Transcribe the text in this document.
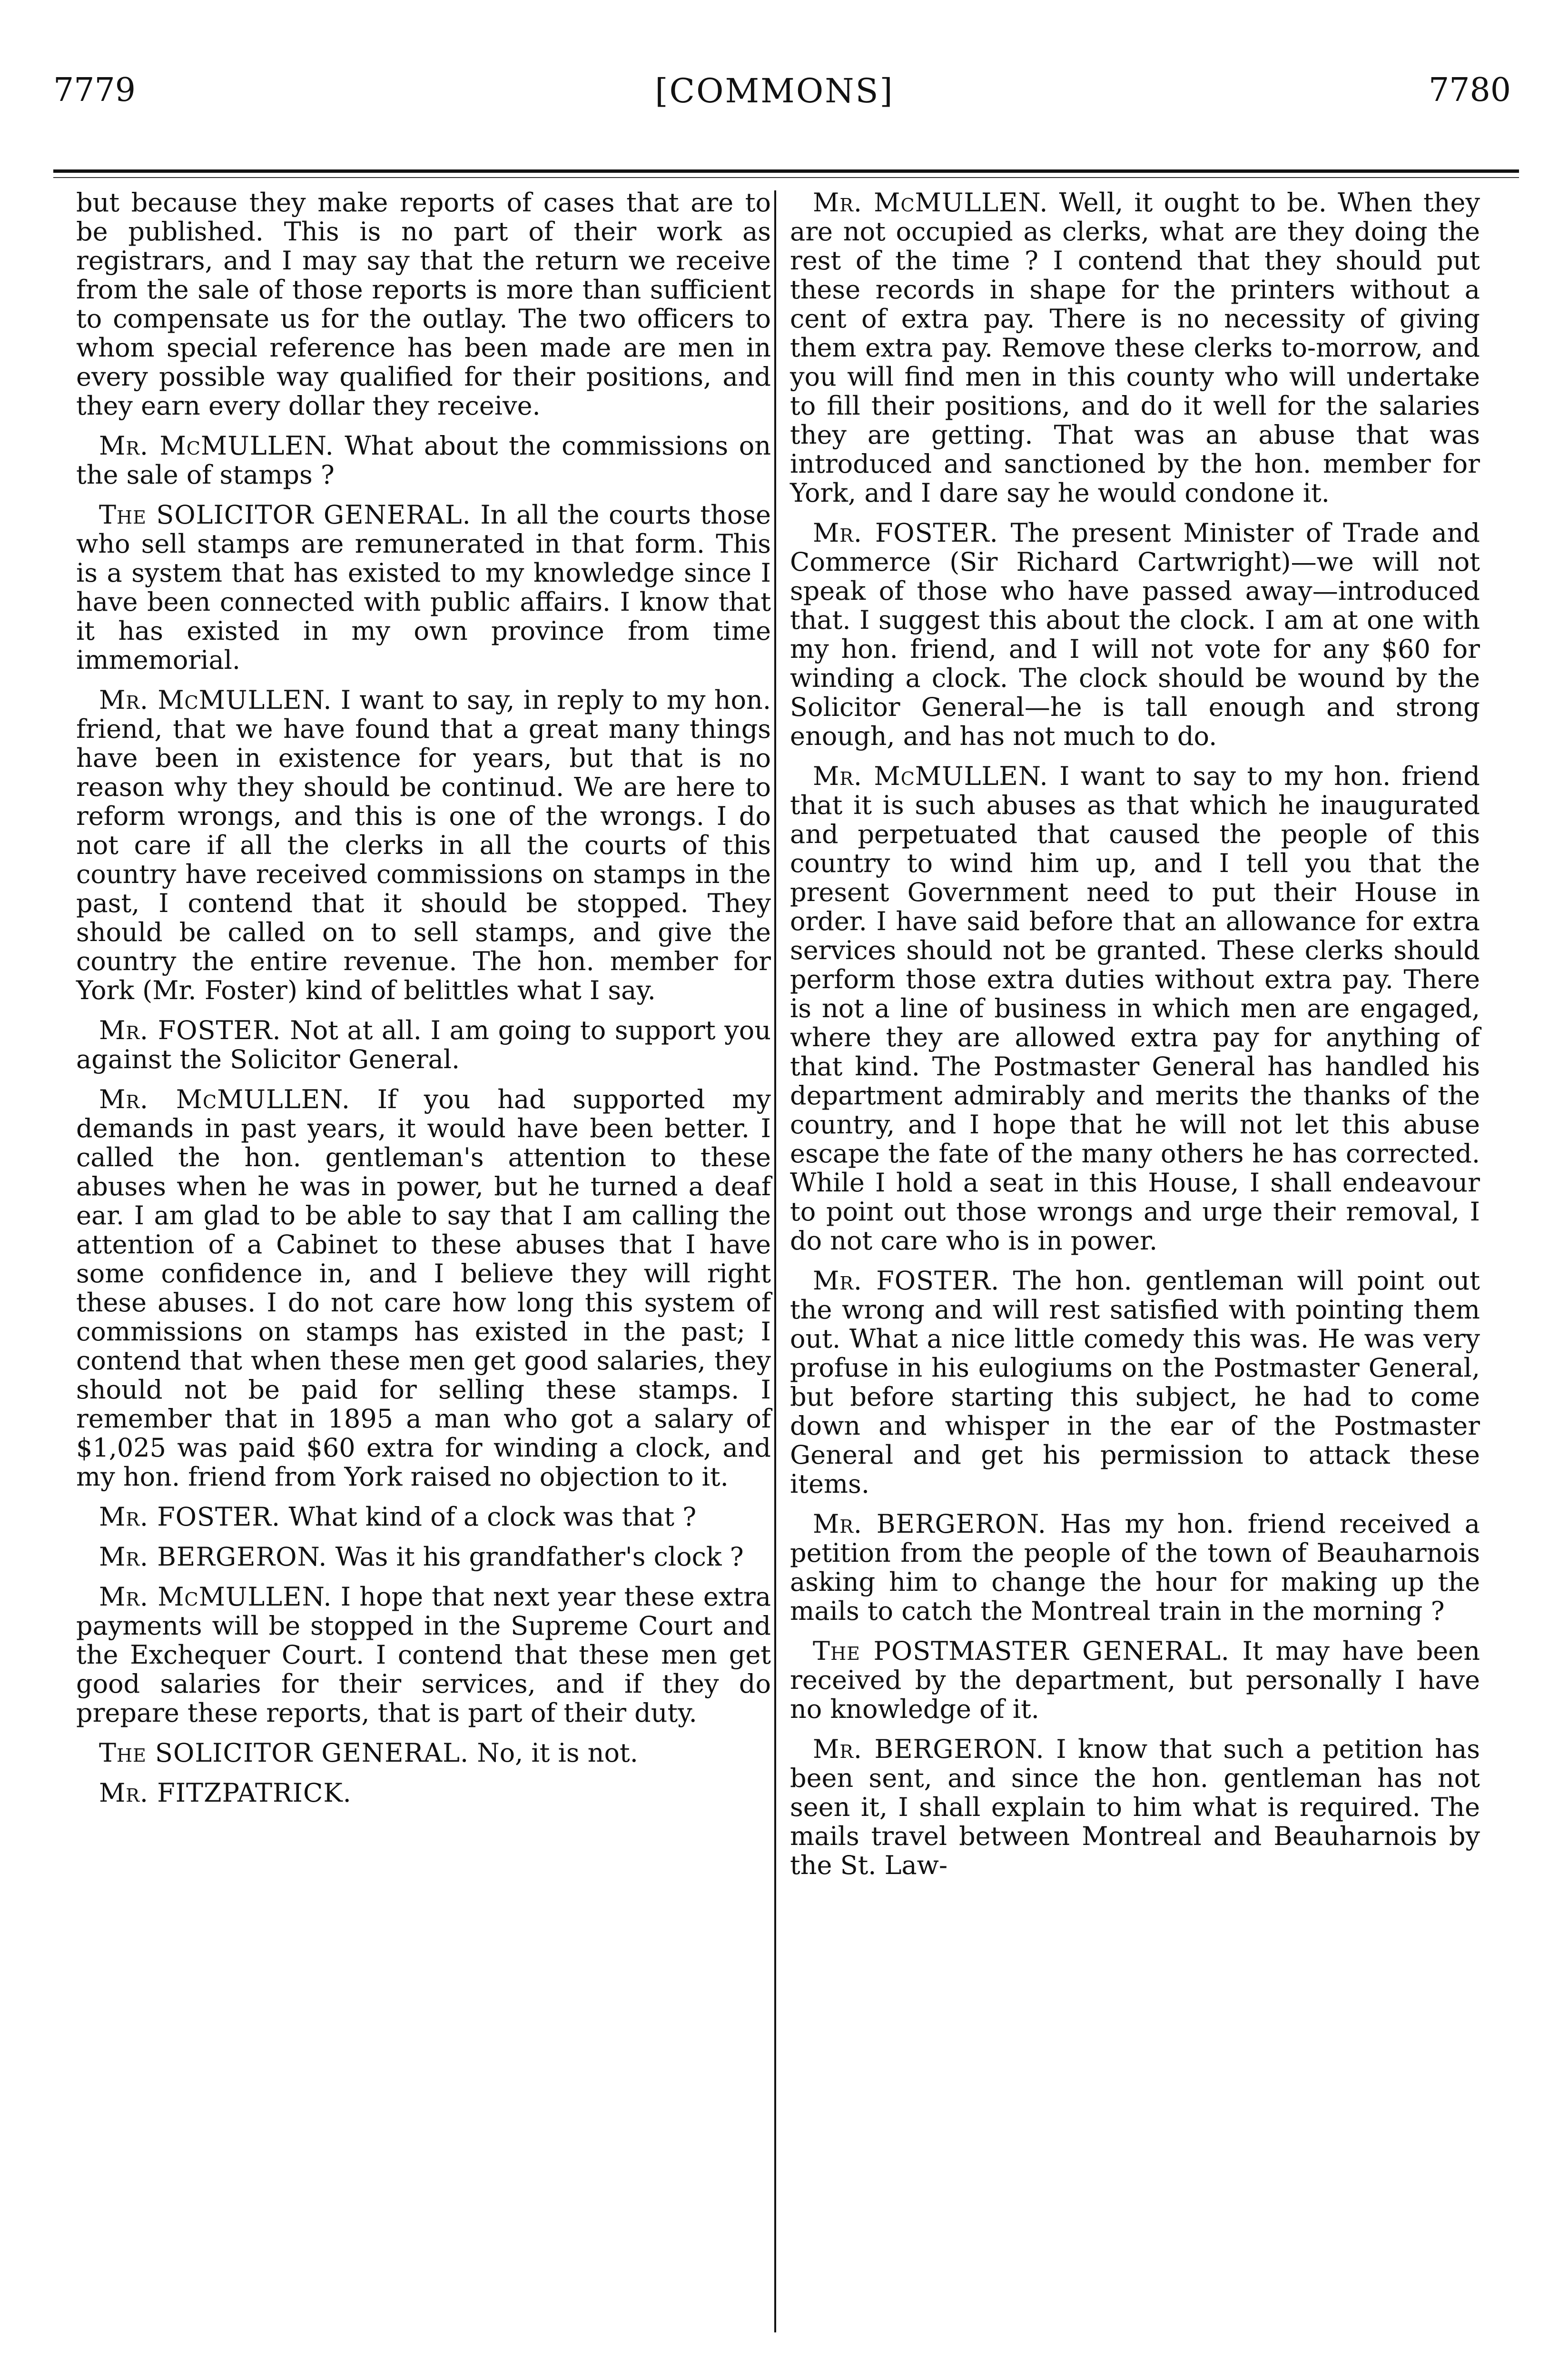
7779	[COMMONS]	7780

but because they make reports of cases that are to be published. This is no part of their work as registrars, and I may say that the return we receive from the sale of those reports is more than sufficient to compensate us for the outlay. The two officers to whom special reference has been made are men in every possible way qualified for their positions, and they earn every dollar they receive.

Mr. McMULLEN. What about the commissions on the sale of stamps ?

The SOLICITOR GENERAL. In all the courts those who sell stamps are remunerated in that form. This is a system that has existed to my knowledge since I have been connected with public affairs. I know that it has existed in my own province from time immemorial.

Mr. McMULLEN. I want to say, in reply to my hon. friend, that we have found that a great many things have been in existence for years, but that is no reason why they should be continud. We are here to reform wrongs, and this is one of the wrongs. I do not care if all the clerks in all the courts of this country have received commissions on stamps in the past, I contend that it should be stopped. They should be called on to sell stamps, and give the country the entire revenue. The hon. member for York (Mr. Foster) kind of belittles what I say.

Mr. FOSTER. Not at all. I am going to support you against the Solicitor General.

Mr. McMULLEN. If you had supported my demands in past years, it would have been better. I called the hon. gentleman's attention to these abuses when he was in power, but he turned a deaf ear. I am glad to be able to say that I am calling the attention of a Cabinet to these abuses that I have some confidence in, and I believe they will right these abuses. I do not care how long this system of commissions on stamps has existed in the past; I contend that when these men get good salaries, they should not be paid for selling these stamps. I remember that in 1895 a man who got a salary of $1,025 was paid $60 extra for winding a clock, and my hon. friend from York raised no objection to it.

Mr. FOSTER. What kind of a clock was that ?

Mr. BERGERON. Was it his grandfather's clock ?

Mr. McMULLEN. I hope that next year these extra payments will be stopped in the Supreme Court and the Exchequer Court. I contend that these men get good salaries for their services, and if they do prepare these reports, that is part of their duty.

The SOLICITOR GENERAL. No, it is not.

Mr. FITZPATRICK.

Mr. McMULLEN. Well, it ought to be. When they are not occupied as clerks, what are they doing the rest of the time ? I contend that they should put these records in shape for the printers without a cent of extra pay. There is no necessity of giving them extra pay. Remove these clerks to-morrow, and you will find men in this county who will undertake to fill their positions, and do it well for the salaries they are getting. That was an abuse that was introduced and sanctioned by the hon. member for York, and I dare say he would condone it.

Mr. FOSTER. The present Minister of Trade and Commerce (Sir Richard Cartwright)—we will not speak of those who have passed away—introduced that. I suggest this about the clock. I am at one with my hon. friend, and I will not vote for any $60 for winding a clock. The clock should be wound by the Solicitor General—he is tall enough and strong enough, and has not much to do.

Mr. McMULLEN. I want to say to my hon. friend that it is such abuses as that which he inaugurated and perpetuated that caused the people of this country to wind him up, and I tell you that the present Government need to put their House in order. I have said before that an allowance for extra services should not be granted. These clerks should perform those extra duties without extra pay. There is not a line of business in which men are engaged, where they are allowed extra pay for anything of that kind. The Postmaster General has handled his department admirably and merits the thanks of the country, and I hope that he will not let this abuse escape the fate of the many others he has corrected. While I hold a seat in this House, I shall endeavour to point out those wrongs and urge their removal, I do not care who is in power.

Mr. FOSTER. The hon. gentleman will point out the wrong and will rest satisfied with pointing them out. What a nice little comedy this was. He was very profuse in his eulogiums on the Postmaster General, but before starting this subject, he had to come down and whisper in the ear of the Postmaster General and get his permission to attack these items.

Mr. BERGERON. Has my hon. friend received a petition from the people of the town of Beauharnois asking him to change the hour for making up the mails to catch the Montreal train in the morning ?

The POSTMASTER GENERAL. It may have been received by the department, but personally I have no knowledge of it.

Mr. BERGERON. I know that such a petition has been sent, and since the hon. gentleman has not seen it, I shall explain to him what is required. The mails travel between Montreal and Beauharnois by the St. Law-
